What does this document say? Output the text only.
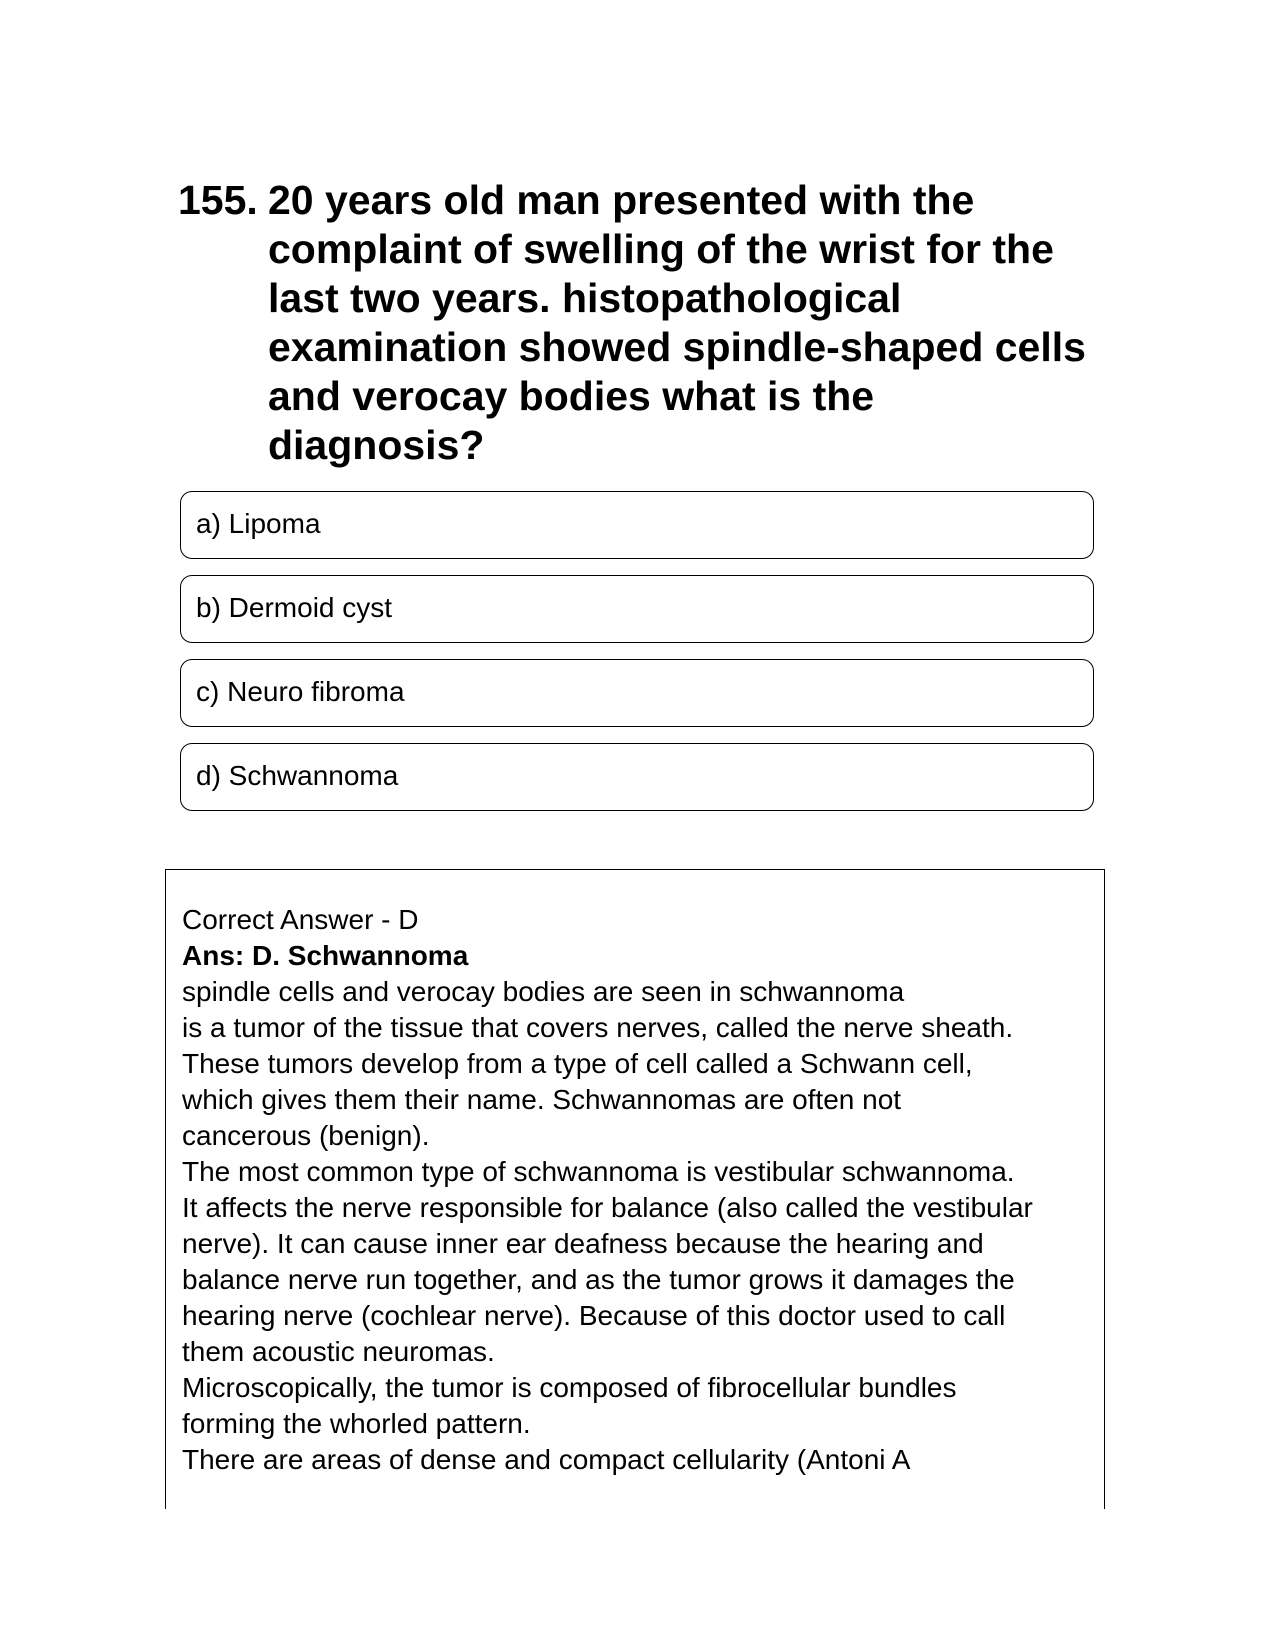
155. 20 years old man presented with the complaint of swelling of the wrist for the last two years. histopathological examination showed spindle-shaped cells and verocay bodies what is the diagnosis?
a) Lipoma
b) Dermoid cyst
c) Neuro fibroma
d) Schwannoma
Correct Answer - D
Ans: D. Schwannoma
spindle cells and verocay bodies are seen in schwannoma
is a tumor of the tissue that covers nerves, called the nerve sheath.
These tumors develop from a type of cell called a Schwann cell,
which gives them their name. Schwannomas are often not
cancerous (benign).
The most common type of schwannoma is vestibular schwannoma.
It affects the nerve responsible for balance (also called the vestibular
nerve). It can cause inner ear deafness because the hearing and
balance nerve run together, and as the tumor grows it damages the
hearing nerve (cochlear nerve). Because of this doctor used to call
them acoustic neuromas.
Microscopically, the tumor is composed of fibrocellular bundles
forming the whorled pattern.
There are areas of dense and compact cellularity (Antoni A
